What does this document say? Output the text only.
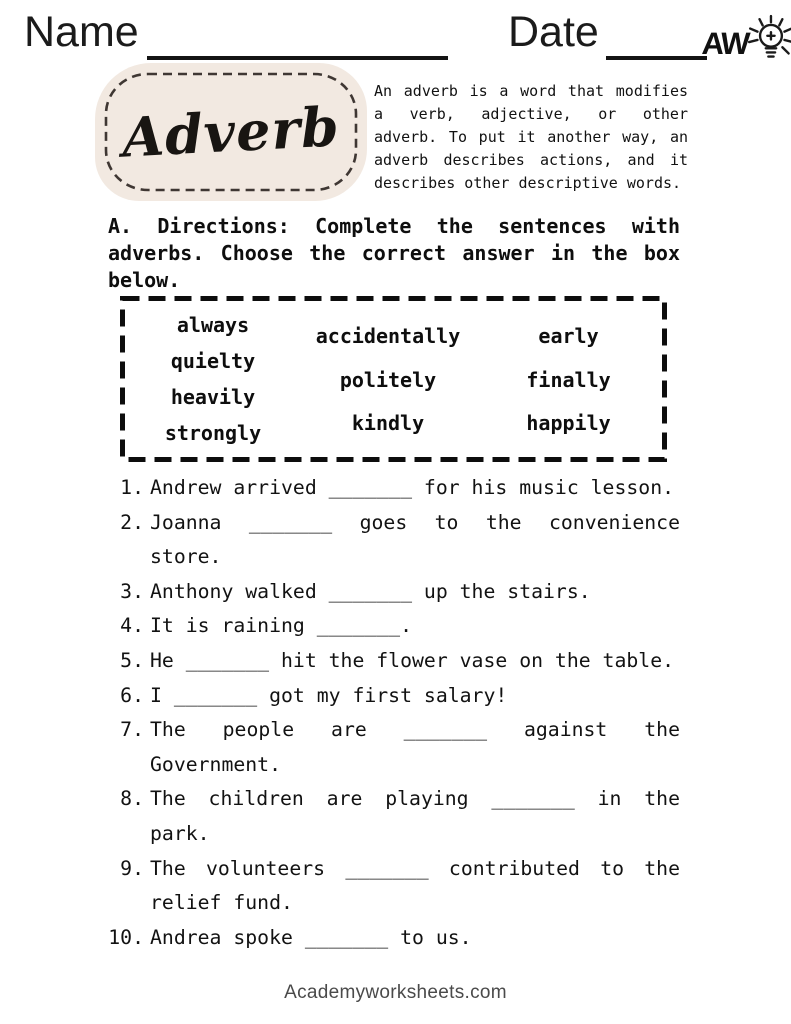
Name	Date	AW
Adverb

An adverb is a word that modifies a verb, adjective, or other adverb. To put it another way, an adverb describes actions, and it describes other descriptive words.

A. Directions: Complete the sentences with adverbs. Choose the correct answer in the box below.

always
quielty
heavily
strongly
accidentally
politely
kindly
early
finally
happily
1. Andrew arrived _______ for his music lesson.
2. Joanna _______ goes to the convenience store.
3. Anthony walked _______ up the stairs.
4. It is raining _______.
5. He _______ hit the flower vase on the table.
6. I _______ got my first salary!
7. The people are _______ against the Government.
8. The children are playing _______ in the park.
9. The volunteers _______ contributed to the relief fund.
10. Andrea spoke _______ to us.
Academyworksheets.com
